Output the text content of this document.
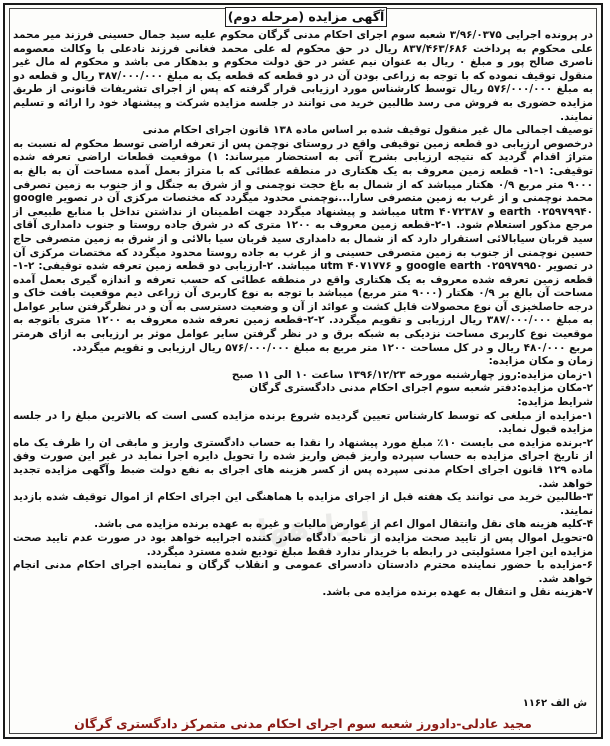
آگهی مزایده (مرحله دوم)
با دادهها

در پرونده اجرایی ۳/۹۶/۰۳۷۵ شعبه سوم اجرای احکام مدنی گرگان محکوم علیه سید جمال حسینی فرزند میر محمد علی محکوم به پرداخت ۸۳۷/۴۶۳/۶۸۶ ریال در حق محکوم له علی محمد فغانی فرزند نادعلی با وکالت معصومه ناصری صالح پور و مبلغ ۰ ریال به عنوان نیم عشر در حق دولت محکوم و بدهکار می باشد و محکوم له مال غیر منقول توقیف نموده که با توجه به زراعی بودن آن در دو قطعه که قطعه یک به مبلغ ۳۸۷/۰۰۰/۰۰۰ ریال و قطعه دو به مبلغ ۵۷۶/۰۰۰/۰۰۰ ریال توسط کارشناس مورد ارزیابی قرار گرفته که پس از اجرای تشریفات قانونی از طریق مزایده حضوری به فروش می رسد طالبین خرید می توانند در جلسه مزایده شرکت و پیشنهاد خود را ارائه و تسلیم نمایند.

توصیف اجمالی مال غیر منقول توقیف شده بر اساس ماده ۱۳۸ قانون اجرای احکام مدنی

درخصوص ارزیابی دو قطعه زمین توقیفی واقع در روستای نوچمن پس از تعرفه اراضی توسط محکوم له نسبت به متراژ اقدام گردید که نتیجه ارزیابی بشرح آتی به استحضار میرساند: ۱) موقعیت قطعات اراضی تعرفه شده توقیفی: ۱-۱- قطعه زمین معروف به یک هکتاری در منطقه عطائی که با متراژ بعمل آمده مساحت آن به بالغ به ۹۰۰۰ متر مربع ۰/۹ هکتار میباشد که از شمال به باغ حجت نوچمنی و از شرق به جنگل و از جنوب به زمین تصرفی محمد نوچمنی و از غرب به زمین متصرفی سارا...نوچمنی محدود میگردد که مختصات مرکزی آن در تصویر google earth ۰۲۵۹۷۹۹۴۰ و ۴۰۷۲۳۸۷ utm میباشد و پیشنهاد میگردد جهت اطمینان از نداشتن تداخل با منابع طبیعی از مرجع مذکور استعلام شود. ۱-۲-قطعه زمین معروف به ۱۲۰۰ متری که در شرق جاده روستا و جنوب دامداری آقای سید قربان سیابالائی استقرار دارد که از شمال به دامداری سید قربان سیا بالائی و از شرق به زمین متصرفی حاج حسین نوچمنی از جنوب به زمین متصرفی حسینی و از غرب به جاده روستا محدود میگردد که مختصات مرکزی آن در تصویر google earth ۰۲۵۹۷۹۹۵۰ و ۴۰۷۱۷۷۶ utm میباشد. ۲-ارزیابی دو قطعه زمین تعرفه شده توقیفی: ۲-۱-قطعه زمین تعرفه شده معروف به یک هکتاری واقع در منطقه عطائی که حسب تعرفه و اندازه گیری بعمل آمده مساحت آن بالغ بر ۰/۹ هکتار (۹۰۰۰ متر مربع) میباشد با توجه به نوع کاربری آن زراعی دیم موقعیت بافت خاک و درجه حاصلخیزی آن نوع محصولات قابل کشت و عوائد از آن و وضعیت دسترسی به آن و در نظرگرفتن سایر عوامل به مبلغ ۳۸۷/۰۰۰/۰۰۰ ریال ارزیابی و تقویم میگردد. ۲-۲-قطعه زمین تعرفه شده معروف به ۱۲۰۰ متری باتوجه به موقعیت نوع کاربری مساحت نزدیکی به شبکه برق و در نظر گرفتن سایر عوامل موثر بر ارزیابی به ازای هرمتر مربع ۴۸۰/۰۰۰ ریال و در کل مساحت ۱۲۰۰ متر مربع به مبلغ ۵۷۶/۰۰۰/۰۰۰ ریال ارزیابی و تقویم میگردد.

زمان و مکان مزایده:

۱-زمان مزایده:روز چهارشنبه مورخه ۱۳۹۶/۱۲/۲۳ ساعت ۱۰ الی ۱۱ صبح

۲-مکان مزایده:دفتر شعبه سوم اجرای احکام مدنی دادگستری گرگان

شرایط مزایده:

۱-مزایده از مبلغی که توسط کارشناس تعیین گردیده شروع برنده مزایده کسی است که بالاترین مبلغ را در جلسه مزایده قبول نماید.

۲-برنده مزایده می بایست ۱۰٪ مبلغ مورد پیشنهاد را نقدا به حساب دادگستری واریز و مابقی ان را ظرف یک ماه از تاریخ اجرای مزایده به حساب سپرده واریز قبض واریز شده را تحویل دایره اجرا نماید در غیر این صورت وفق ماده ۱۲۹ قانون اجرای احکام مدنی سپرده پس از کسر هزینه های اجرای به نفع دولت ضبط وآگهی مزایده تجدید خواهد شد.

۳-طالبین خرید می توانند یک هفته قبل از اجرای مزایده با هماهنگی این اجرای احکام از اموال توقیف شده بازدید نمایند.

۴-کلیه هزینه های نقل وانتقال اموال اعم از عوارض مالیات و غیره به عهده برنده مزایده می باشد.

۵-تحویل اموال پس از تایید صحت مزایده از ناحیه دادگاه صادر کننده اجراییه خواهد بود در صورت عدم تایید صحت مزایده این اجرا مسئولیتی در رابطه با خریدار ندارد فقط مبلغ تودیع شده مسترد میگردد.

۶-مزایده با حضور نماینده محترم دادستان دادسرای عمومی و انقلاب گرگان و نماینده اجرای احکام مدنی انجام خواهد شد.

۷-هزینه نقل و انتقال به عهده برنده مزایده می باشد.

ش الف ۱۱۶۲
مجید عادلی-دادورز شعبه سوم اجرای احکام مدنی متمرکز دادگستری گرگان
